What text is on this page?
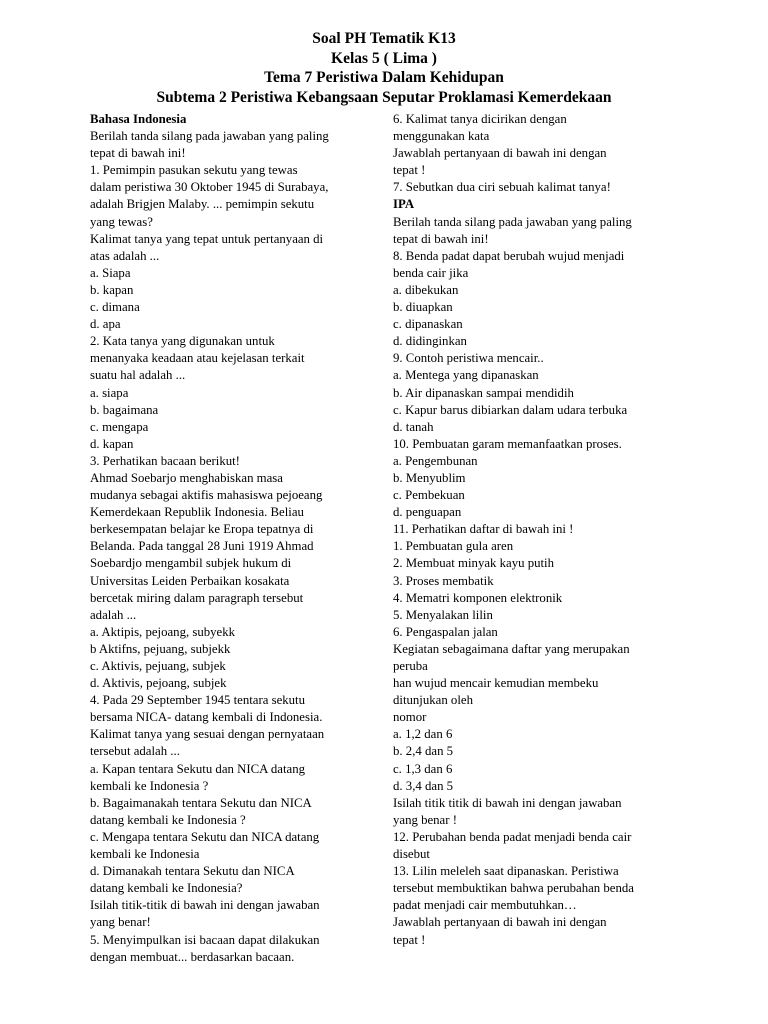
Soal PH Tematik K13
Kelas 5 ( Lima )
Tema 7 Peristiwa Dalam Kehidupan
Subtema 2 Peristiwa Kebangsaan Seputar Proklamasi Kemerdekaan
Bahasa Indonesia
Berilah tanda silang pada jawaban yang paling
tepat di bawah ini!
1. Pemimpin pasukan sekutu yang tewas
dalam peristiwa 30 Oktober 1945 di Surabaya,
adalah Brigjen Malaby. ... pemimpin sekutu
yang tewas?
Kalimat tanya yang tepat untuk pertanyaan di
atas adalah ...
a. Siapa
b. kapan
c. dimana
d. apa
2. Kata tanya yang digunakan untuk
menanyaka keadaan atau kejelasan terkait
suatu hal adalah ...
a. siapa
b. bagaimana
c. mengapa
d. kapan
3. Perhatikan bacaan berikut!
Ahmad Soebarjo menghabiskan masa
mudanya sebagai aktifis mahasiswa pejoeang
Kemerdekaan Republik Indonesia. Beliau
berkesempatan belajar ke Eropa tepatnya di
Belanda. Pada tanggal 28 Juni 1919 Ahmad
Soebardjo mengambil subjek hukum di
Universitas Leiden Perbaikan kosakata
bercetak miring dalam paragraph tersebut
adalah ...
a. Aktipis, pejoang, subyekk
b Aktifns, pejuang, subjekk
c. Aktivis, pejuang, subjek
d. Aktivis, pejoang, subjek
4. Pada 29 September 1945 tentara sekutu
bersama NICA- datang kembali di Indonesia.
Kalimat tanya yang sesuai dengan pernyataan
tersebut adalah ...
a. Kapan tentara Sekutu dan NICA datang
kembali ke Indonesia ?
b. Bagaimanakah tentara Sekutu dan NICA
datang kembali ke Indonesia ?
c. Mengapa tentara Sekutu dan NICA datang
kembali ke Indonesia
d. Dimanakah tentara Sekutu dan NICA
datang kembali ke Indonesia?
Isilah titik-titik di bawah ini dengan jawaban
yang benar!
5. Menyimpulkan isi bacaan dapat dilakukan
dengan membuat... berdasarkan bacaan.
6. Kalimat tanya dicirikan dengan
menggunakan kata
Jawablah pertanyaan di bawah ini dengan
tepat !
7. Sebutkan dua ciri sebuah kalimat tanya!
IPA
Berilah tanda silang pada jawaban yang paling
tepat di bawah ini!
8. Benda padat dapat berubah wujud menjadi
benda cair jika
a. dibekukan
b. diuapkan
c. dipanaskan
d. didinginkan
9. Contoh peristiwa mencair..
a. Mentega yang dipanaskan
b. Air dipanaskan sampai mendidih
c. Kapur barus dibiarkan dalam udara terbuka
d. tanah
10. Pembuatan garam memanfaatkan proses.
a. Pengembunan
b. Menyublim
c. Pembekuan
d. penguapan
11. Perhatikan daftar di bawah ini !
1. Pembuatan gula aren
2. Membuat minyak kayu putih
3. Proses membatik
4. Mematri komponen elektronik
5. Menyalakan lilin
6. Pengaspalan jalan
Kegiatan sebagaimana daftar yang merupakan
peruba
han wujud mencair kemudian membeku
ditunjukan oleh
nomor
a. 1,2 dan 6
b. 2,4 dan 5
c. 1,3 dan 6
d. 3,4 dan 5
Isilah titik titik di bawah ini dengan jawaban
yang benar !
12. Perubahan benda padat menjadi benda cair
disebut
13. Lilin meleleh saat dipanaskan. Peristiwa
tersebut membuktikan bahwa perubahan benda
padat menjadi cair membutuhkan…
Jawablah pertanyaan di bawah ini dengan
tepat !
